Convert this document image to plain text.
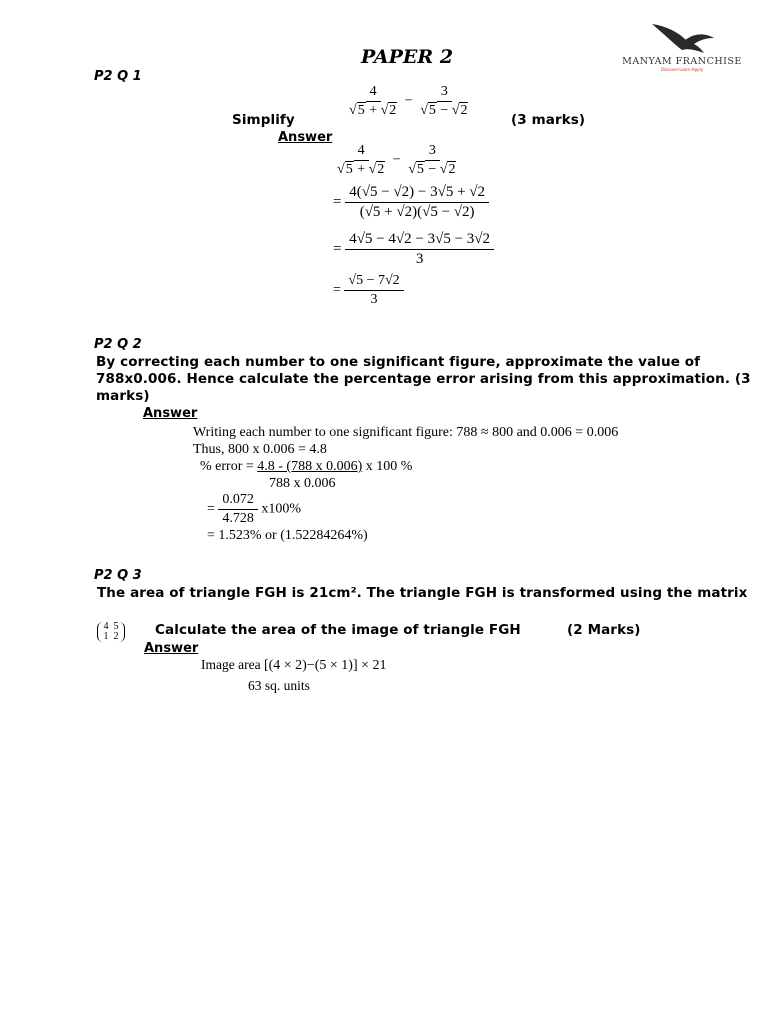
PAPER 2	MANYAM FRANCHISE
Discover-Learn-Apply
P2 Q 1
$\frac{4}{√5 + √2} - \frac{3}{√5 - √2}$
Simplify	(3 marks)
Answer
$\frac{4}{√5 + √2} - \frac{3}{√5 - √2}$
= $\frac{4(√5 - √2) - 3√5 + √2}{(√5 + √2)(√5 - √2)}$
= $\frac{4√5 - 4√2 - 3√5 - 3√2}{3}$
= $\frac{√5 - 7√2}{3}$
P2 Q 2
By correcting each number to one significant figure, approximate the value of 788x0.006. Hence calculate the percentage error arising from this approximation. (3 marks)
Answer
Writing each number to one significant figure: 788 ≈ 800 and 0.006 = 0.006
Thus, 800 x 0.006 = 4.8
% error = 4.8 - (788 x 0.006) x 100 %
788 x 0.006
= $\frac{0.072}{4.728} x100\%$
= 1.523% or (1.52284264%)
P2 Q 3
The area of triangle FGH is 21cm². The triangle FGH is transformed using the matrix
4 5
1 2	Calculate the area of the image of triangle FGH	(2 Marks)
Answer
Image area [(4 × 2)−(5 × 1)] × 21
63 sq. units
